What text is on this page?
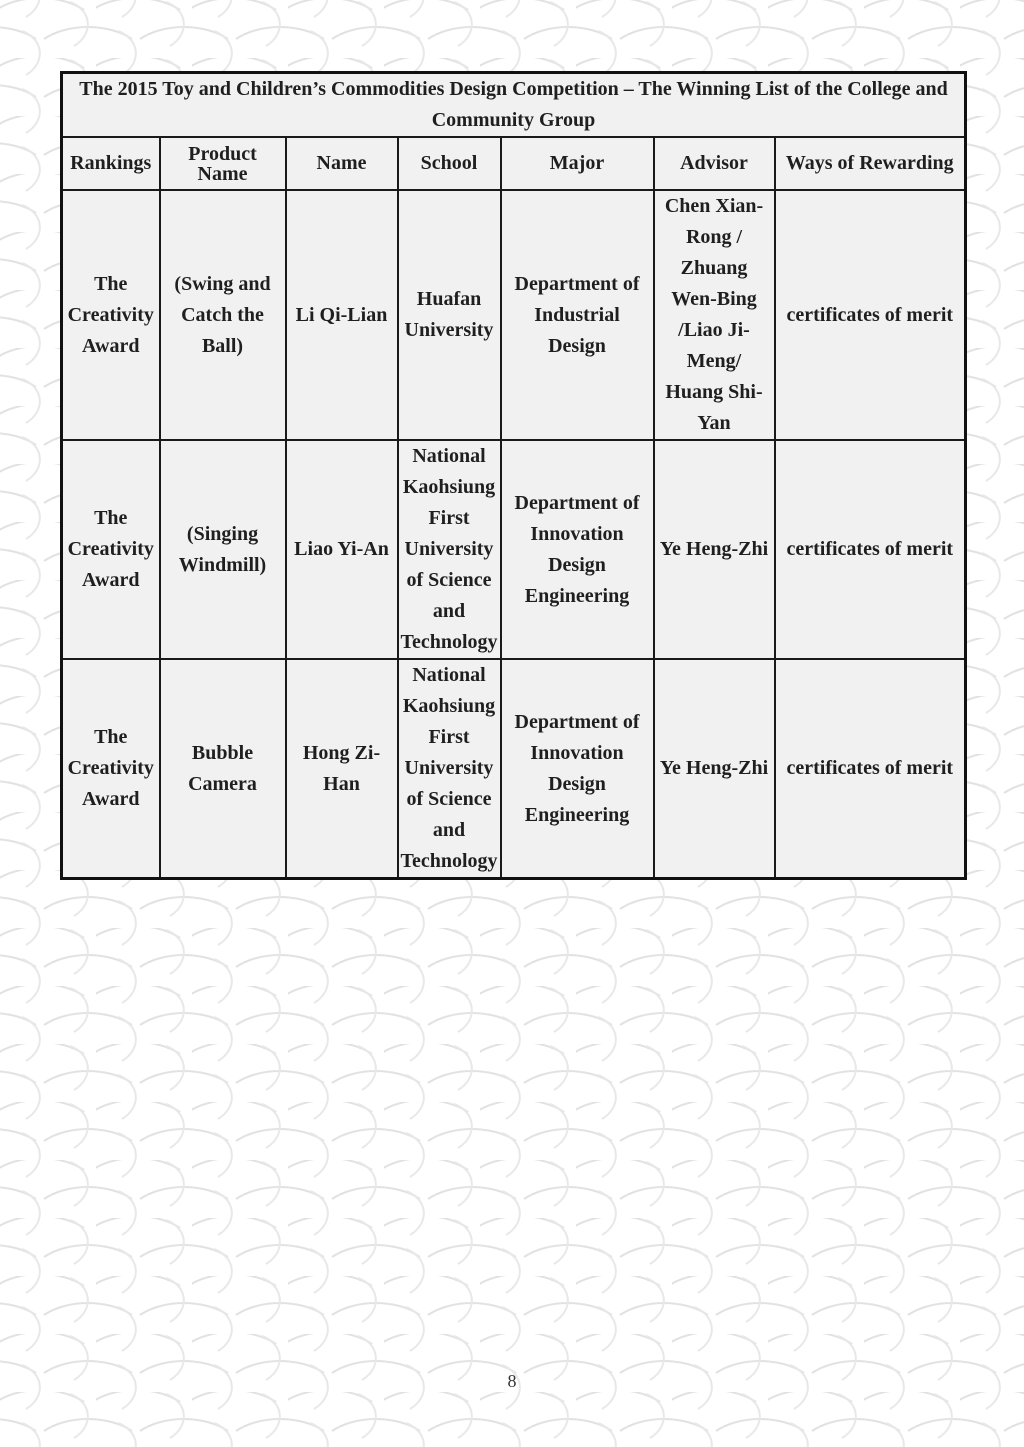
The 2015 Toy and Children’s Commodities Design Competition – The Winning List of the College and Community Group						
Rankings	Product Name	Name	School	Major	Advisor	Ways of Rewarding
The Creativity Award	(Swing and Catch the Ball)	Li Qi-Lian	Huafan University	Department of Industrial Design	Chen Xian-Rong / Zhuang Wen-Bing /Liao Ji-Meng/ Huang Shi-Yan	certificates of merit
The Creativity Award	(Singing Windmill)	Liao Yi-An	National Kaohsiung First University of Science and Technology	Department of Innovation Design Engineering	Ye Heng-Zhi	certificates of merit
The Creativity Award	Bubble Camera	Hong Zi-Han	National Kaohsiung First University of Science and Technology	Department of Innovation Design Engineering	Ye Heng-Zhi	certificates of merit
8
